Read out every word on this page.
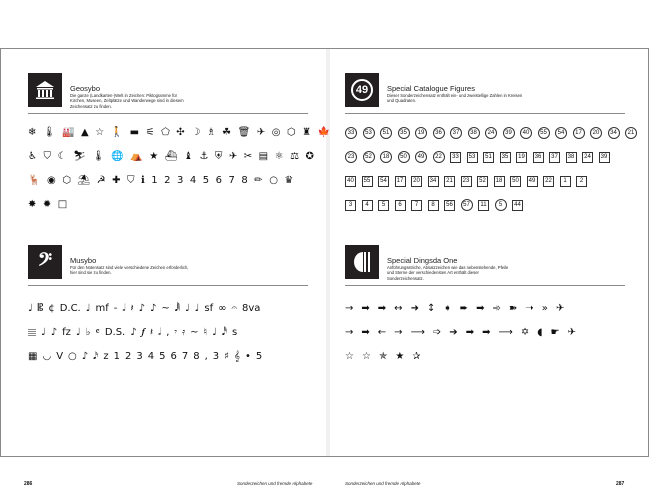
Geosybo
Die ganze (Landkarten-)Welt in Zeichen: Piktogramme für Kirchen, Museen, Zeltplätze und Wanderwege sind in diesem Zeichensatz zu finden.
❄ 🌡 🏭 ▲ ☆ 🚶 ▬ ⚟ ⬠ ✣ ☽ ♗ ☘ 🗑 ✈ ◎ ⬡ ♜ 🍁
♿ ⛉ ☾ ⛷ 🌡 🌐 ⛺ ★ ⛴ ♝ ⚓ ⛨ ✈ ✂ ▤ ⚛ ⚖ ✪
🦌 ◉ ⬡ ⛱ ☭ ✚ ⛉ ℹ 1 2 3 4 5 6 7 8 ✏ ○ ♛
✸ ✹ □
𝄢 Musybo
Für den Notensatz sind viele verschiedene Zeichen erforderlich, hier sind sie zu finden.
♩ 𝄡 ¢ D.C. ♩ mf - 𝅗𝅥 𝄽 ♪ ♪ ~ 𝅘𝅥𝅲 ♩ ♩ sf ∞ 𝄐 8va
𝄙 ♩ ♪ fz ♩ ♭ 𝄴 D.S. ♪ 𝆑 𝄽 𝅗𝅥 , 𝄾 𝄿 ~ ♮ ♩ 𝅘𝅥𝅰 s
▦ ◡ V ○ ♪ 𝅘𝅥𝅯 z 1 2 3 4 5 6 7 8 , 3 ♯ 𝄞 • 5
286	Sonderzeichen und fremde Alphabete
49	Special Catalogue Figures
Dieser Sonderzeichensatz enthält ein- und zweistellige Zahlen in Kreisen und Quadraten.
33	53	51	35	19	36	37	38	24	39	40	55	54	17	20	34	21
23	52	18	50	49	22	33	53	51	35	19	36	37	38	24	39
40	55	54	17	20	34	21	23	52	18	50	49	22	1	2
3	4	5	6	7	8	56	57	11	5	44
Special Dingsda One
Anführungsstriche, Absatzzeichen wie das nebenstehende, Pfeile und Sterne der verschiedensten Art enthält dieser Sonderzeichensatz.
→ ➡ ➡ ↔ ➜ ↕ ➧ ➨ ➡ ➾ ➽ ➝ » ✈
→ ➡ ← → ⟶ ➩ ➔ ➡ ➡ ⟶ ✡ ◖ ☛ ✈
☆ ☆ ✯ ★ ✰
287
Sonderzeichen und fremde Alphabete
